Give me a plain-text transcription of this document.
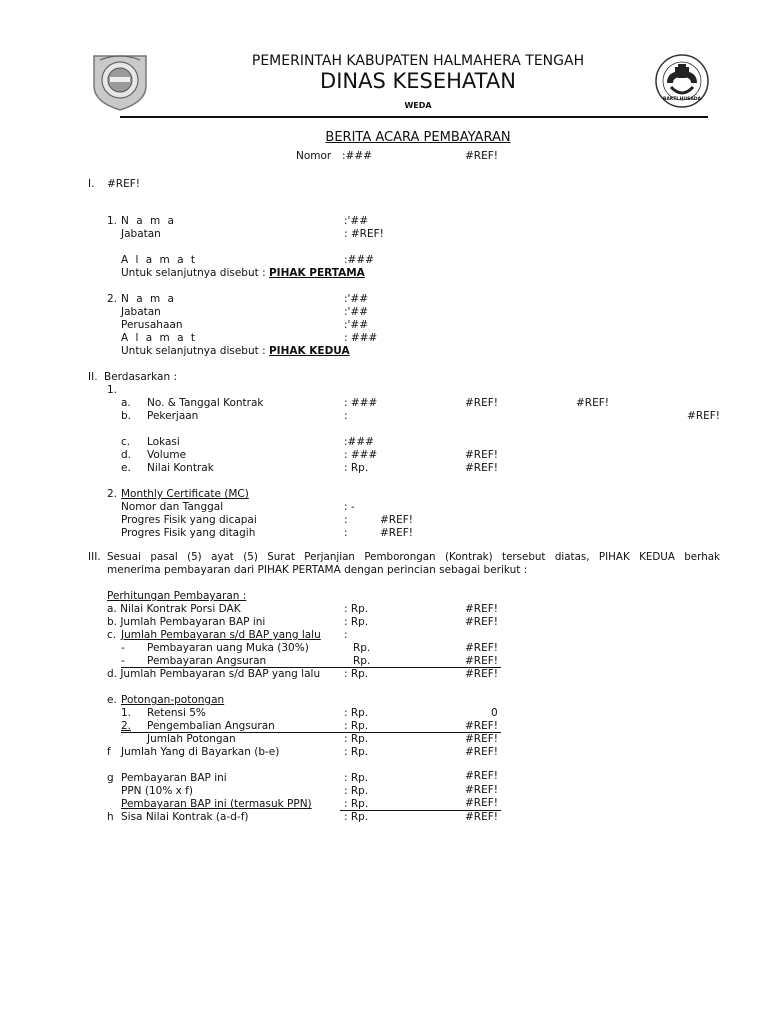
PEMERINTAH KABUPATEN HALMAHERA TENGAH
DINAS KESEHATAN
WEDA
BAKTI HUSADA
BERITA ACARA PEMBAYARAN
Nomor :###	#REF!
I. #REF!
1. N a m a	:'##
Jabatan	: #REF!
A l a m a t	:###
Untuk selanjutnya disebut : PIHAK PERTAMA
2. N a m a	:'##
Jabatan	:'##
Perusahaan	:'##
A l a m a t	: ###
Untuk selanjutnya disebut : PIHAK KEDUA
II. Berdasarkan :
1.
a. No. & Tanggal Kontrak	: ###	#REF!	#REF!
b. Pekerjaan	:	#REF!
c. Lokasi	:###
d. Volume	: ###	#REF!
e. Nilai Kontrak	: Rp.	#REF!
2. Monthly Certificate (MC)
Nomor dan Tanggal	: -
Progres Fisik yang dicapai	:	#REF!
Progres Fisik yang ditagih	:	#REF!
III. Sesuai pasal (5) ayat (5) Surat Perjanjian Pemborongan (Kontrak) tersebut diatas, PIHAK KEDUA berhak
menerima pembayaran dari PIHAK PERTAMA dengan perincian sebagai berikut :
Perhitungan Pembayaran :
a. Nilai Kontrak Porsi DAK	: Rp.	#REF!
b. Jumlah Pembayaran BAP ini	: Rp.	#REF!
c. Jumlah Pembayaran s/d BAP yang lalu :
- Pembayaran uang Muka (30%)	Rp.	#REF!
- Pembayaran Angsuran	Rp.	#REF!
d. Jumlah Pembayaran s/d BAP yang lalu : Rp.	#REF!
e. Potongan-potongan
1. Retensi 5%	: Rp.	0
2. Pengembalian Angsuran	: Rp.	#REF!
Jumlah Potongan	: Rp.	#REF!
f Jumlah Yang di Bayarkan (b-e)	: Rp.	#REF!
g Pembayaran BAP ini	: Rp.	#REF!
PPN (10% x f)	: Rp.	#REF!
Pembayaran BAP ini (termasuk PPN)	: Rp.	#REF!
h Sisa Nilai Kontrak (a-d-f)	: Rp.	#REF!
